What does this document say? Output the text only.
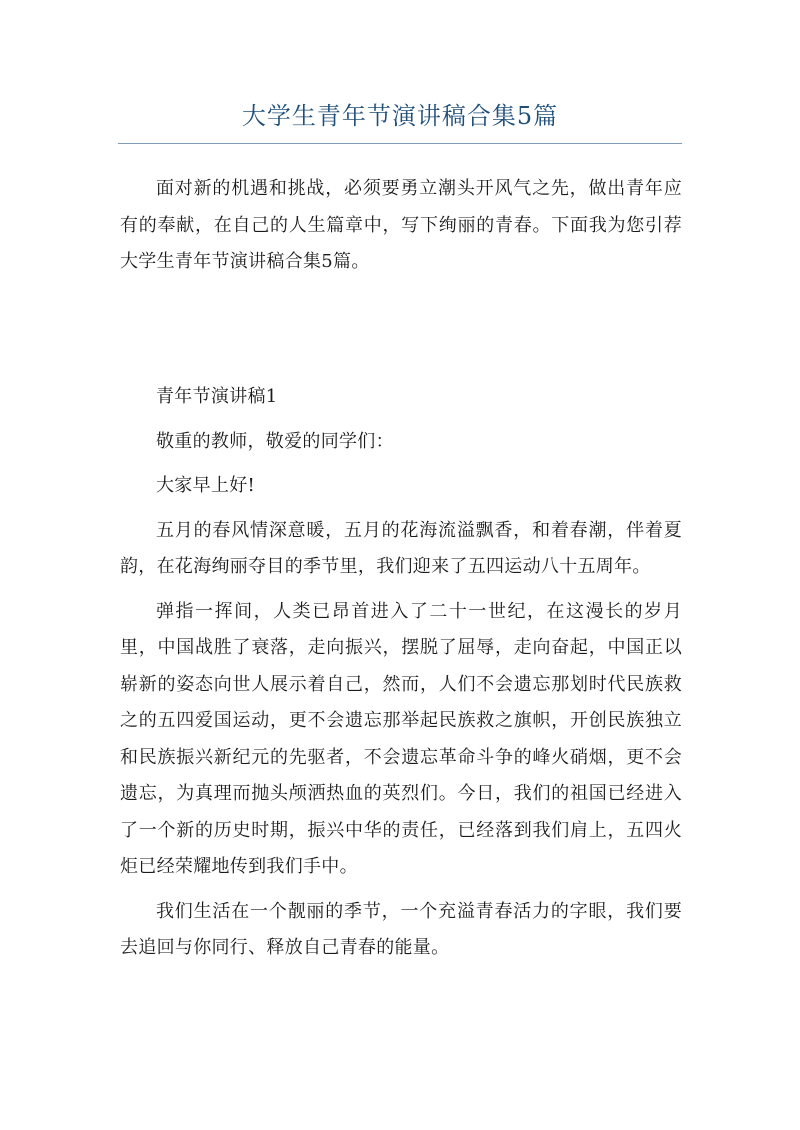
大学生青年节演讲稿合集5篇
面对新的机遇和挑战，必须要勇立潮头开风气之先，做出青年应有的奉献，在自己的人生篇章中，写下绚丽的青春。下面我为您引荐大学生青年节演讲稿合集5篇。

青年节演讲稿1

敬重的教师，敬爱的同学们：

大家早上好!

五月的春风情深意暖，五月的花海流溢飘香，和着春潮，伴着夏韵，在花海绚丽夺目的季节里，我们迎来了五四运动八十五周年。

弹指一挥间，人类已昂首进入了二十一世纪，在这漫长的岁月里，中国战胜了衰落，走向振兴，摆脱了屈辱，走向奋起，中国正以崭新的姿态向世人展示着自己，然而，人们不会遗忘那划时代民族救之的五四爱国运动，更不会遗忘那举起民族救之旗帜，开创民族独立和民族振兴新纪元的先驱者，不会遗忘革命斗争的峰火硝烟，更不会遗忘，为真理而抛头颅洒热血的英烈们。今日，我们的祖国已经进入了一个新的历史时期，振兴中华的责任，已经落到我们肩上，五四火炬已经荣耀地传到我们手中。

我们生活在一个靓丽的季节，一个充溢青春活力的字眼，我们要去追回与你同行、释放自己青春的能量。
